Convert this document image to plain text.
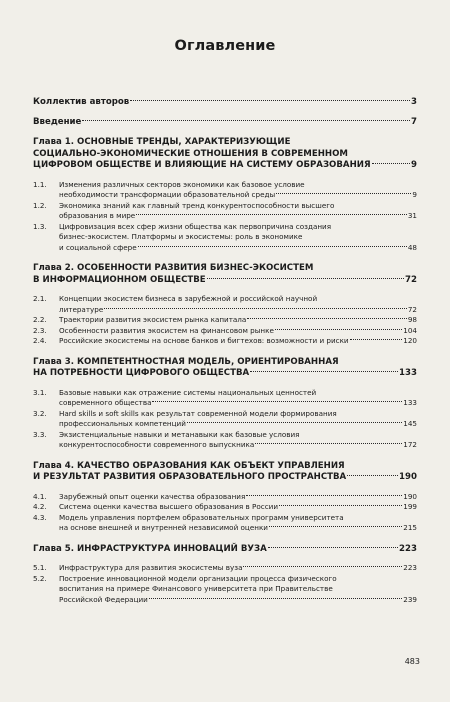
Оглавление
Коллектив авторов	3
Введение	7
Глава 1. ОСНОВНЫЕ ТРЕНДЫ, ХАРАКТЕРИЗУЮЩИЕ
СОЦИАЛЬНО-ЭКОНОМИЧЕСКИЕ ОТНОШЕНИЯ В СОВРЕМЕННОМ
ЦИФРОВОМ ОБЩЕСТВЕ И ВЛИЯЮЩИЕ НА СИСТЕМУ ОБРАЗОВАНИЯ	9
1.1.	Изменения различных секторов экономики как базовое условие
необходимости трансформации образовательной среды	9
1.2.	Экономика знаний как главный тренд конкурентоспособности высшего
образования в мире	31
1.3.	Цифровизация всех сфер жизни общества как первопричина создания
бизнес-экосистем. Платформы и экосистемы: роль в экономике
и социальной сфере	48
Глава 2. ОСОБЕННОСТИ РАЗВИТИЯ БИЗНЕС-ЭКОСИСТЕМ
В ИНФОРМАЦИОННОМ ОБЩЕСТВЕ	72
2.1.	Концепции экосистем бизнеса в зарубежной и российской научной
литературе	72
2.2.	Траектории развития экосистем рынка капитала	98
2.3.	Особенности развития экосистем на финансовом рынке	104
2.4.	Российские экосистемы на основе банков и бигтехов: возможности и риски	120
Глава 3. КОМПЕТЕНТНОСТНАЯ МОДЕЛЬ, ОРИЕНТИРОВАННАЯ
НА ПОТРЕБНОСТИ ЦИФРОВОГО ОБЩЕСТВА	133
3.1.	Базовые навыки как отражение системы национальных ценностей
современного общества	133
3.2.	Hard skills и soft skills как результат современной модели формирования
профессиональных компетенций	145
3.3.	Экзистенциальные навыки и метанавыки как базовые условия
конкурентоспособности современного выпускника	172
Глава 4. КАЧЕСТВО ОБРАЗОВАНИЯ КАК ОБЪЕКТ УПРАВЛЕНИЯ
И РЕЗУЛЬТАТ РАЗВИТИЯ ОБРАЗОВАТЕЛЬНОГО ПРОСТРАНСТВА	190
4.1.	Зарубежный опыт оценки качества образования	190
4.2.	Система оценки качества высшего образования в России	199
4.3.	Модель управления портфелем образовательных программ университета
на основе внешней и внутренней независимой оценки	215
Глава 5. ИНФРАСТРУКТУРА ИННОВАЦИЙ ВУЗА	223
5.1.	Инфраструктура для развития экосистемы вуза	223
5.2.	Построение инновационной модели организации процесса физического
воспитания на примере Финансового университета при Правительстве
Российской Федерации	239
483
